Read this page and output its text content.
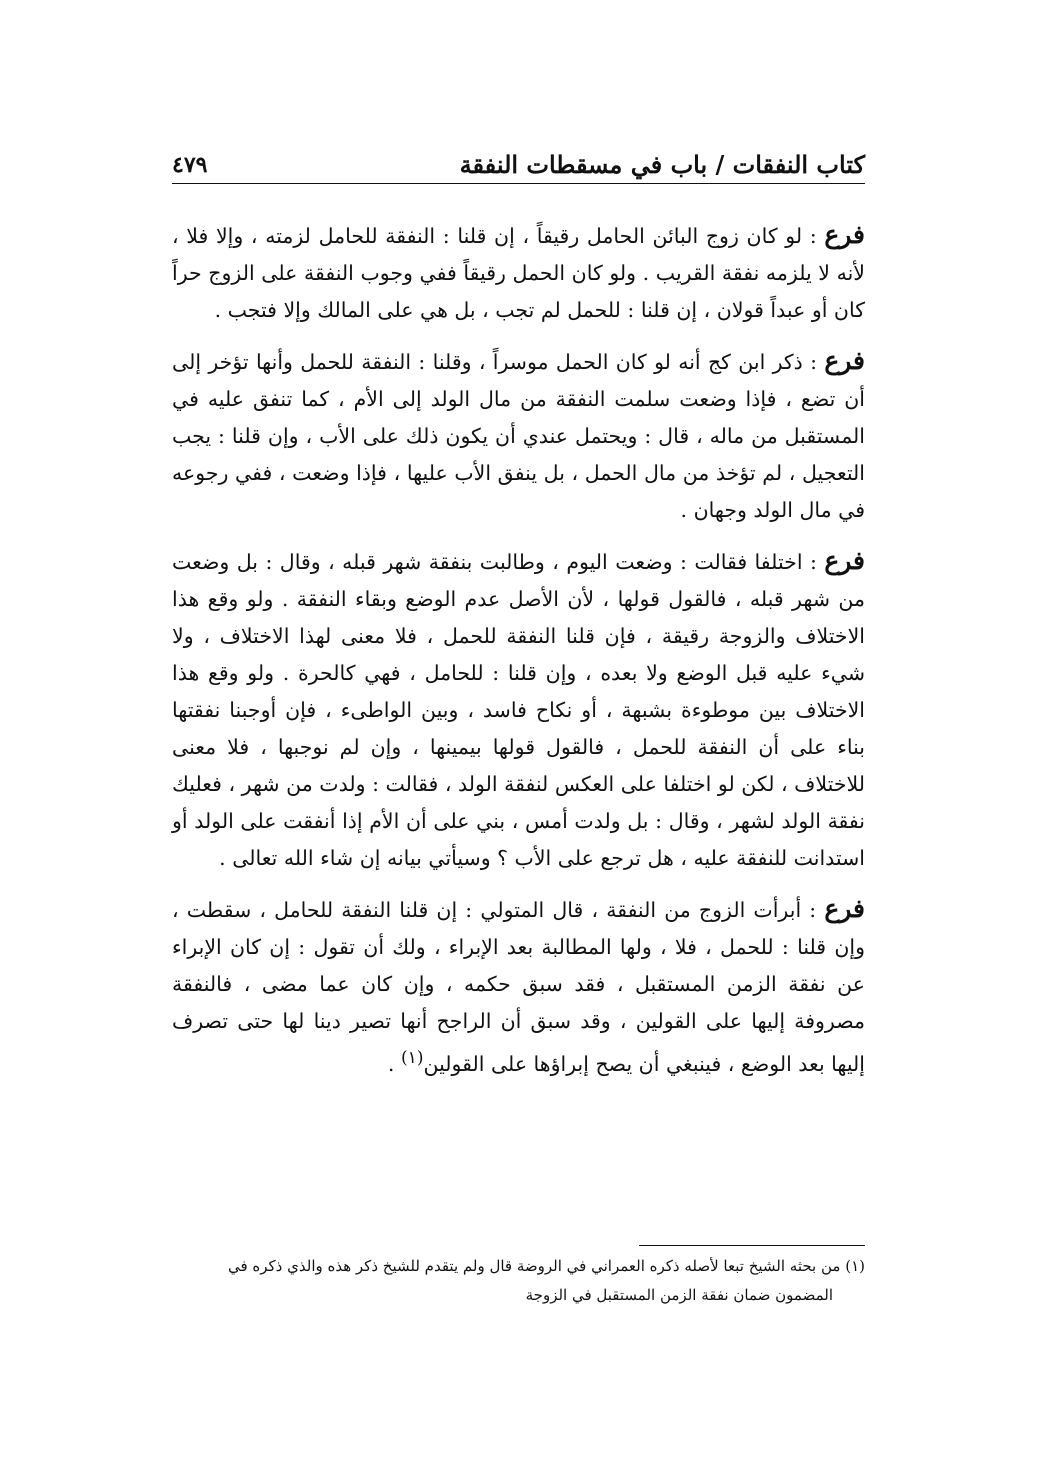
كتاب النفقات / باب في مسقطات النفقة
٤٧٩

فرع : لو كان زوج البائن الحامل رقيقاً ، إن قلنا : النفقة للحامل لزمته ، وإلا فلا ، لأنه لا يلزمه نفقة القريب . ولو كان الحمل رقيقاً ففي وجوب النفقة على الزوج حراً كان أو عبداً قولان ، إن قلنا : للحمل لم تجب ، بل هي على المالك وإلا فتجب .

فرع : ذكر ابن كج أنه لو كان الحمل موسراً ، وقلنا : النفقة للحمل وأنها تؤخر إلى أن تضع ، فإذا وضعت سلمت النفقة من مال الولد إلى الأم ، كما تنفق عليه في المستقبل من ماله ، قال : ويحتمل عندي أن يكون ذلك على الأب ، وإن قلنا : يجب التعجيل ، لم تؤخذ من مال الحمل ، بل ينفق الأب عليها ، فإذا وضعت ، ففي رجوعه في مال الولد وجهان .

فرع : اختلفا فقالت : وضعت اليوم ، وطالبت بنفقة شهر قبله ، وقال : بل وضعت من شهر قبله ، فالقول قولها ، لأن الأصل عدم الوضع وبقاء النفقة . ولو وقع هذا الاختلاف والزوجة رقيقة ، فإن قلنا النفقة للحمل ، فلا معنى لهذا الاختلاف ، ولا شيء عليه قبل الوضع ولا بعده ، وإن قلنا : للحامل ، فهي كالحرة . ولو وقع هذا الاختلاف بين موطوءة بشبهة ، أو نكاح فاسد ، وبين الواطىء ، فإن أوجبنا نفقتها بناء على أن النفقة للحمل ، فالقول قولها بيمينها ، وإن لم نوجبها ، فلا معنى للاختلاف ، لكن لو اختلفا على العكس لنفقة الولد ، فقالت : ولدت من شهر ، فعليك نفقة الولد لشهر ، وقال : بل ولدت أمس ، بني على أن الأم إذا أنفقت على الولد أو استدانت للنفقة عليه ، هل ترجع على الأب ؟ وسيأتي بيانه إن شاء الله تعالى .

فرع : أبرأت الزوج من النفقة ، قال المتولي : إن قلنا النفقة للحامل ، سقطت ، وإن قلنا : للحمل ، فلا ، ولها المطالبة بعد الإبراء ، ولك أن تقول : إن كان الإبراء عن نفقة الزمن المستقبل ، فقد سبق حكمه ، وإن كان عما مضى ، فالنفقة مصروفة إليها على القولين ، وقد سبق أن الراجح أنها تصير دينا لها حتى تصرف إليها بعد الوضع ، فينبغي أن يصح إبراؤها على القولين$^{(١)}$ .

(١) من بحثه الشيخ تبعا لأصله ذكره العمراني في الروضة قال ولم يتقدم للشيخ ذكر هذه والذي ذكره في
المضمون ضمان نفقة الزمن المستقبل في الزوجة
